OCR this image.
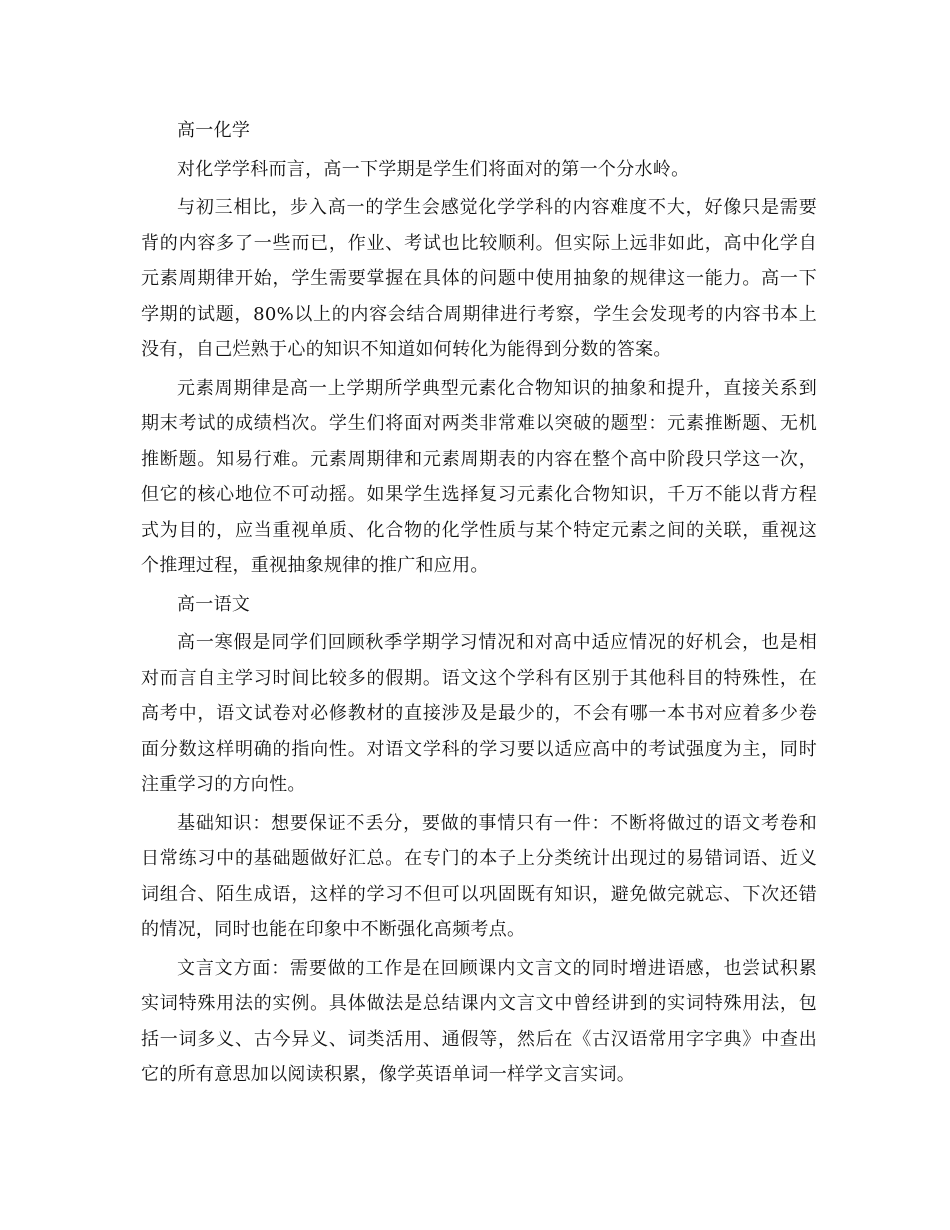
高一化学

对化学学科而言，高一下学期是学生们将面对的第一个分水岭。

与初三相比，步入高一的学生会感觉化学学科的内容难度不大，好像只是需要背的内容多了一些而已，作业、考试也比较顺利。但实际上远非如此，高中化学自元素周期律开始，学生需要掌握在具体的问题中使用抽象的规律这一能力。高一下学期的试题，80%以上的内容会结合周期律进行考察，学生会发现考的内容书本上没有，自己烂熟于心的知识不知道如何转化为能得到分数的答案。

元素周期律是高一上学期所学典型元素化合物知识的抽象和提升，直接关系到期末考试的成绩档次。学生们将面对两类非常难以突破的题型：元素推断题、无机推断题。知易行难。元素周期律和元素周期表的内容在整个高中阶段只学这一次，但它的核心地位不可动摇。如果学生选择复习元素化合物知识，千万不能以背方程式为目的，应当重视单质、化合物的化学性质与某个特定元素之间的关联，重视这个推理过程，重视抽象规律的推广和应用。

高一语文

高一寒假是同学们回顾秋季学期学习情况和对高中适应情况的好机会，也是相对而言自主学习时间比较多的假期。语文这个学科有区别于其他科目的特殊性，在高考中，语文试卷对必修教材的直接涉及是最少的，不会有哪一本书对应着多少卷面分数这样明确的指向性。对语文学科的学习要以适应高中的考试强度为主，同时注重学习的方向性。

基础知识：想要保证不丢分，要做的事情只有一件：不断将做过的语文考卷和日常练习中的基础题做好汇总。在专门的本子上分类统计出现过的易错词语、近义词组合、陌生成语，这样的学习不但可以巩固既有知识，避免做完就忘、下次还错的情况，同时也能在印象中不断强化高频考点。

文言文方面：需要做的工作是在回顾课内文言文的同时增进语感，也尝试积累实词特殊用法的实例。具体做法是总结课内文言文中曾经讲到的实词特殊用法，包括一词多义、古今异义、词类活用、通假等，然后在《古汉语常用字字典》中查出它的所有意思加以阅读积累，像学英语单词一样学文言实词。
